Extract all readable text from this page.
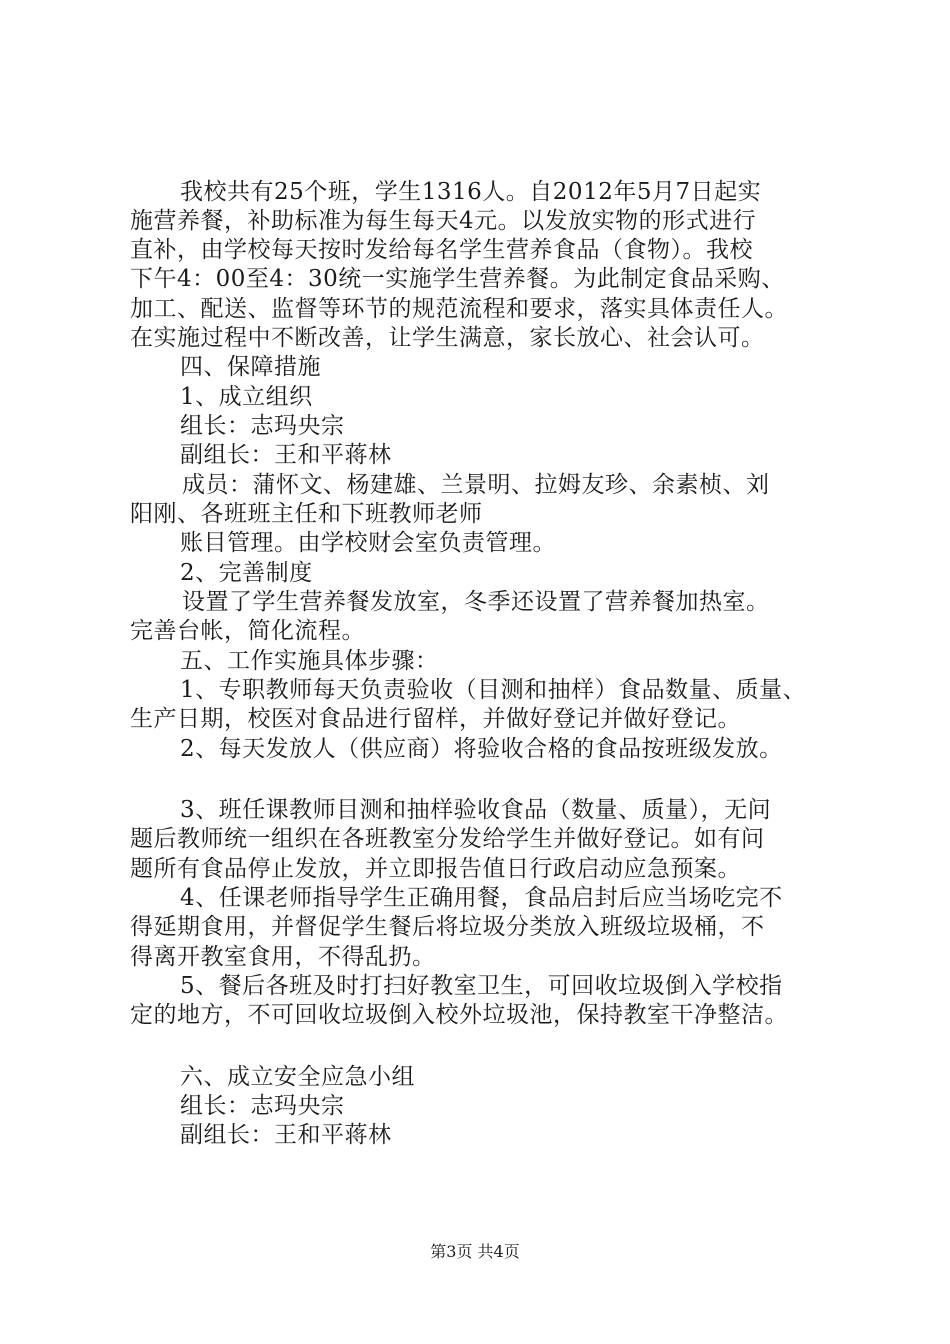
我校共有25个班，学生1316人。自2012年5月7日起实
施营养餐，补助标准为每生每天4元。以发放实物的形式进行
直补，由学校每天按时发给每名学生营养食品（食物）。我校
下午4：00至4：30统一实施学生营养餐。为此制定食品采购、
加工、配送、监督等环节的规范流程和要求，落实具体责任人。
在实施过程中不断改善，让学生满意，家长放心、社会认可。
四、保障措施
1、成立组织
组长：志玛央宗
副组长：王和平蒋林
成员：蒲怀文、杨建雄、兰景明、拉姆友珍、余素桢、刘
阳刚、各班班主任和下班教师老师
账目管理。由学校财会室负责管理。
2、完善制度
设置了学生营养餐发放室，冬季还设置了营养餐加热室。
完善台帐，简化流程。
五、工作实施具体步骤：
1、专职教师每天负责验收（目测和抽样）食品数量、质量、
生产日期，校医对食品进行留样，并做好登记并做好登记。
2、每天发放人（供应商）将验收合格的食品按班级发放。
3、班任课教师目测和抽样验收食品（数量、质量），无问
题后教师统一组织在各班教室分发给学生并做好登记。如有问
题所有食品停止发放，并立即报告值日行政启动应急预案。
4、任课老师指导学生正确用餐，食品启封后应当场吃完不
得延期食用，并督促学生餐后将垃圾分类放入班级垃圾桶，不
得离开教室食用，不得乱扔。
5、餐后各班及时打扫好教室卫生，可回收垃圾倒入学校指
定的地方，不可回收垃圾倒入校外垃圾池，保持教室干净整洁。
六、成立安全应急小组
组长：志玛央宗
副组长：王和平蒋林
第3页 共4页
